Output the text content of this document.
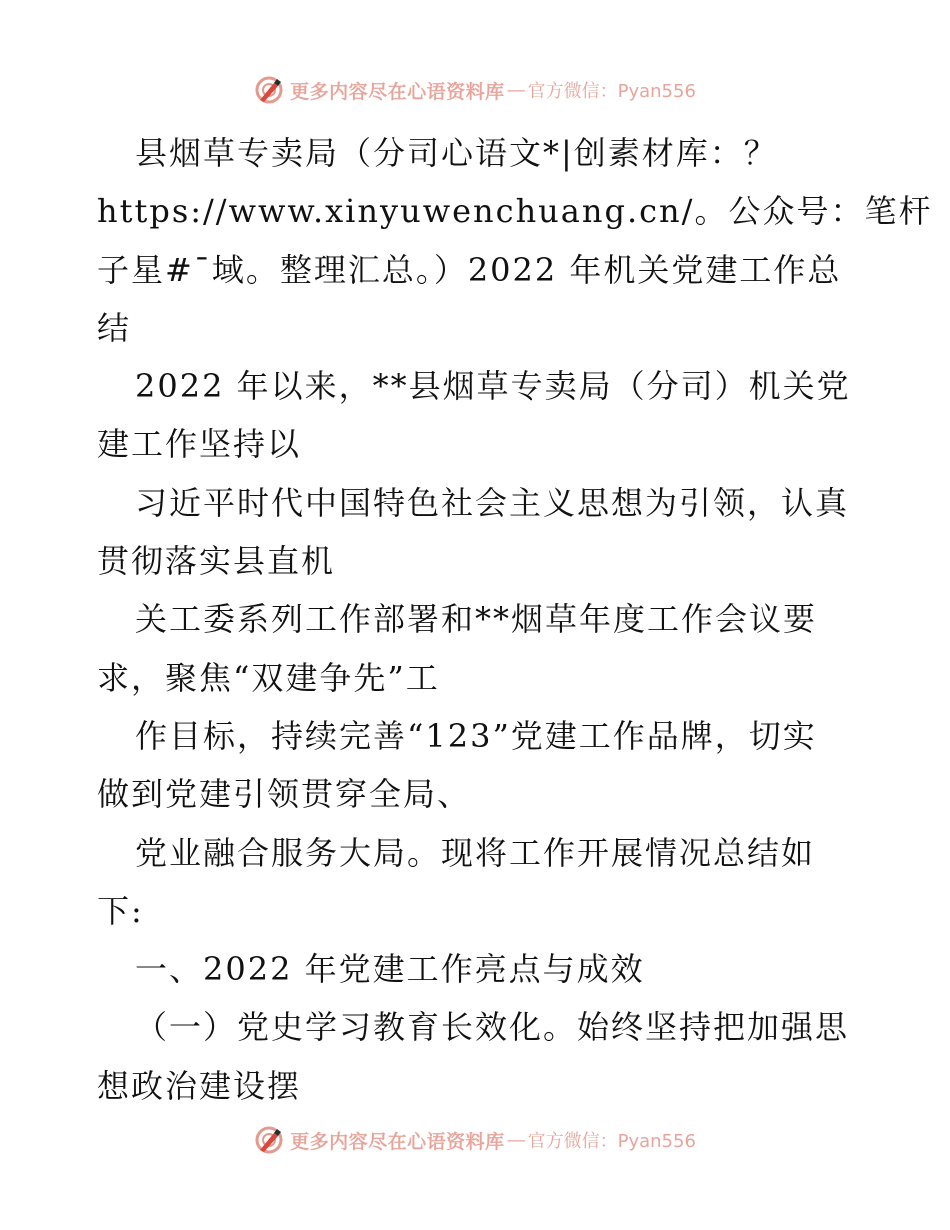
更多内容尽在心语资料库 — 官方微信：Pyan556
县烟草专卖局（分司心语文*|创素材库：？
https://www.xinyuwenchuang.cn/。公众号：笔杆
子星#¯域。整理汇总。）2022 年机关党建工作总
结
2022 年以来，**县烟草专卖局（分司）机关党
建工作坚持以
习近平时代中国特色社会主义思想为引领，认真
贯彻落实县直机
关工委系列工作部署和**烟草年度工作会议要
求，聚焦“双建争先”工
作目标，持续完善“123”党建工作品牌，切实
做到党建引领贯穿全局、
党业融合服务大局。现将工作开展情况总结如
下:
一、2022 年党建工作亮点与成效
（一）党史学习教育长效化。始终坚持把加强思
想政治建设摆
更多内容尽在心语资料库 — 官方微信：Pyan556
